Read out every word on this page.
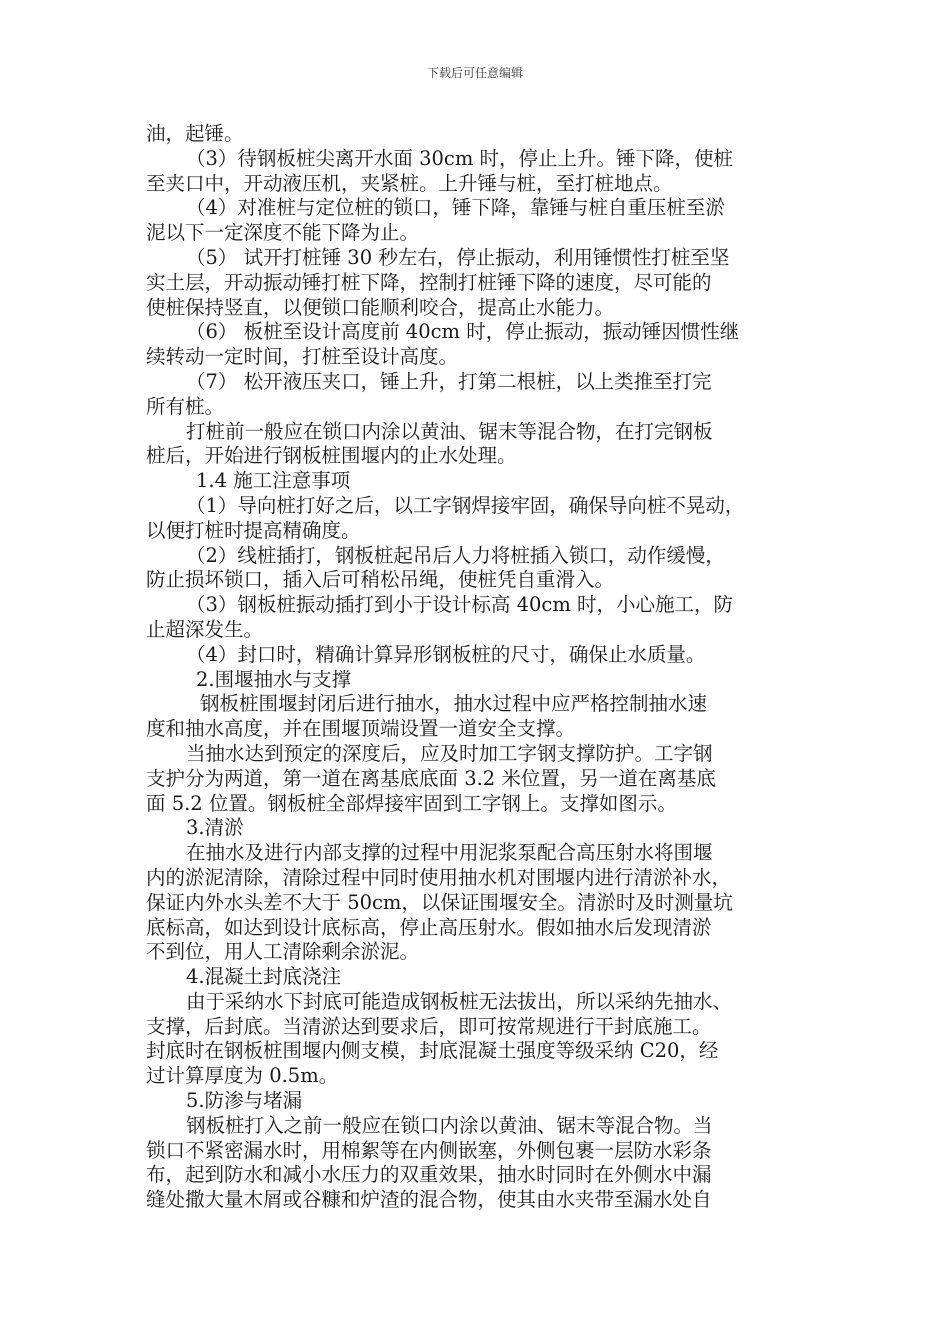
下载后可任意编辑
油，起锤。
（3）待钢板桩尖离开水面 30cm 时，停止上升。锤下降，使桩
至夹口中，开动液压机，夹紧桩。上升锤与桩，至打桩地点。
（4）对准桩与定位桩的锁口，锤下降，靠锤与桩自重压桩至淤
泥以下一定深度不能下降为止。
（5） 试开打桩锤 30 秒左右，停止振动，利用锤惯性打桩至坚
实土层，开动振动锤打桩下降，控制打桩锤下降的速度，尽可能的
使桩保持竖直，以便锁口能顺利咬合，提高止水能力。
（6） 板桩至设计高度前 40cm 时，停止振动，振动锤因惯性继
续转动一定时间，打桩至设计高度。
（7） 松开液压夹口，锤上升，打第二根桩，以上类推至打完
所有桩。
打桩前一般应在锁口内涂以黄油、锯末等混合物，在打完钢板
桩后，开始进行钢板桩围堰内的止水处理。
1.4 施工注意事项
（1）导向桩打好之后，以工字钢焊接牢固，确保导向桩不晃动，
以便打桩时提高精确度。
（2）线桩插打，钢板桩起吊后人力将桩插入锁口，动作缓慢，
防止损坏锁口，插入后可稍松吊绳，使桩凭自重滑入。
（3）钢板桩振动插打到小于设计标高 40cm 时，小心施工，防
止超深发生。
（4）封口时，精确计算异形钢板桩的尺寸，确保止水质量。
2.围堰抽水与支撑
钢板桩围堰封闭后进行抽水，抽水过程中应严格控制抽水速
度和抽水高度，并在围堰顶端设置一道安全支撑。
当抽水达到预定的深度后，应及时加工字钢支撑防护。工字钢
支护分为两道，第一道在离基底底面 3.2 米位置，另一道在离基底
面 5.2 位置。钢板桩全部焊接牢固到工字钢上。支撑如图示。
3.清淤
在抽水及进行内部支撑的过程中用泥浆泵配合高压射水将围堰
内的淤泥清除，清除过程中同时使用抽水机对围堰内进行清淤补水，
保证内外水头差不大于 50cm，以保证围堰安全。清淤时及时测量坑
底标高，如达到设计底标高，停止高压射水。假如抽水后发现清淤
不到位，用人工清除剩余淤泥。
4.混凝土封底浇注
由于采纳水下封底可能造成钢板桩无法拔出，所以采纳先抽水、
支撑，后封底。当清淤达到要求后，即可按常规进行干封底施工。
封底时在钢板桩围堰内侧支模，封底混凝土强度等级采纳 C20，经
过计算厚度为 0.5m。
5.防渗与堵漏
钢板桩打入之前一般应在锁口内涂以黄油、锯末等混合物。当
锁口不紧密漏水时，用棉絮等在内侧嵌塞，外侧包裹一层防水彩条
布，起到防水和减小水压力的双重效果，抽水时同时在外侧水中漏
缝处撒大量木屑或谷糠和炉渣的混合物，使其由水夹带至漏水处自
